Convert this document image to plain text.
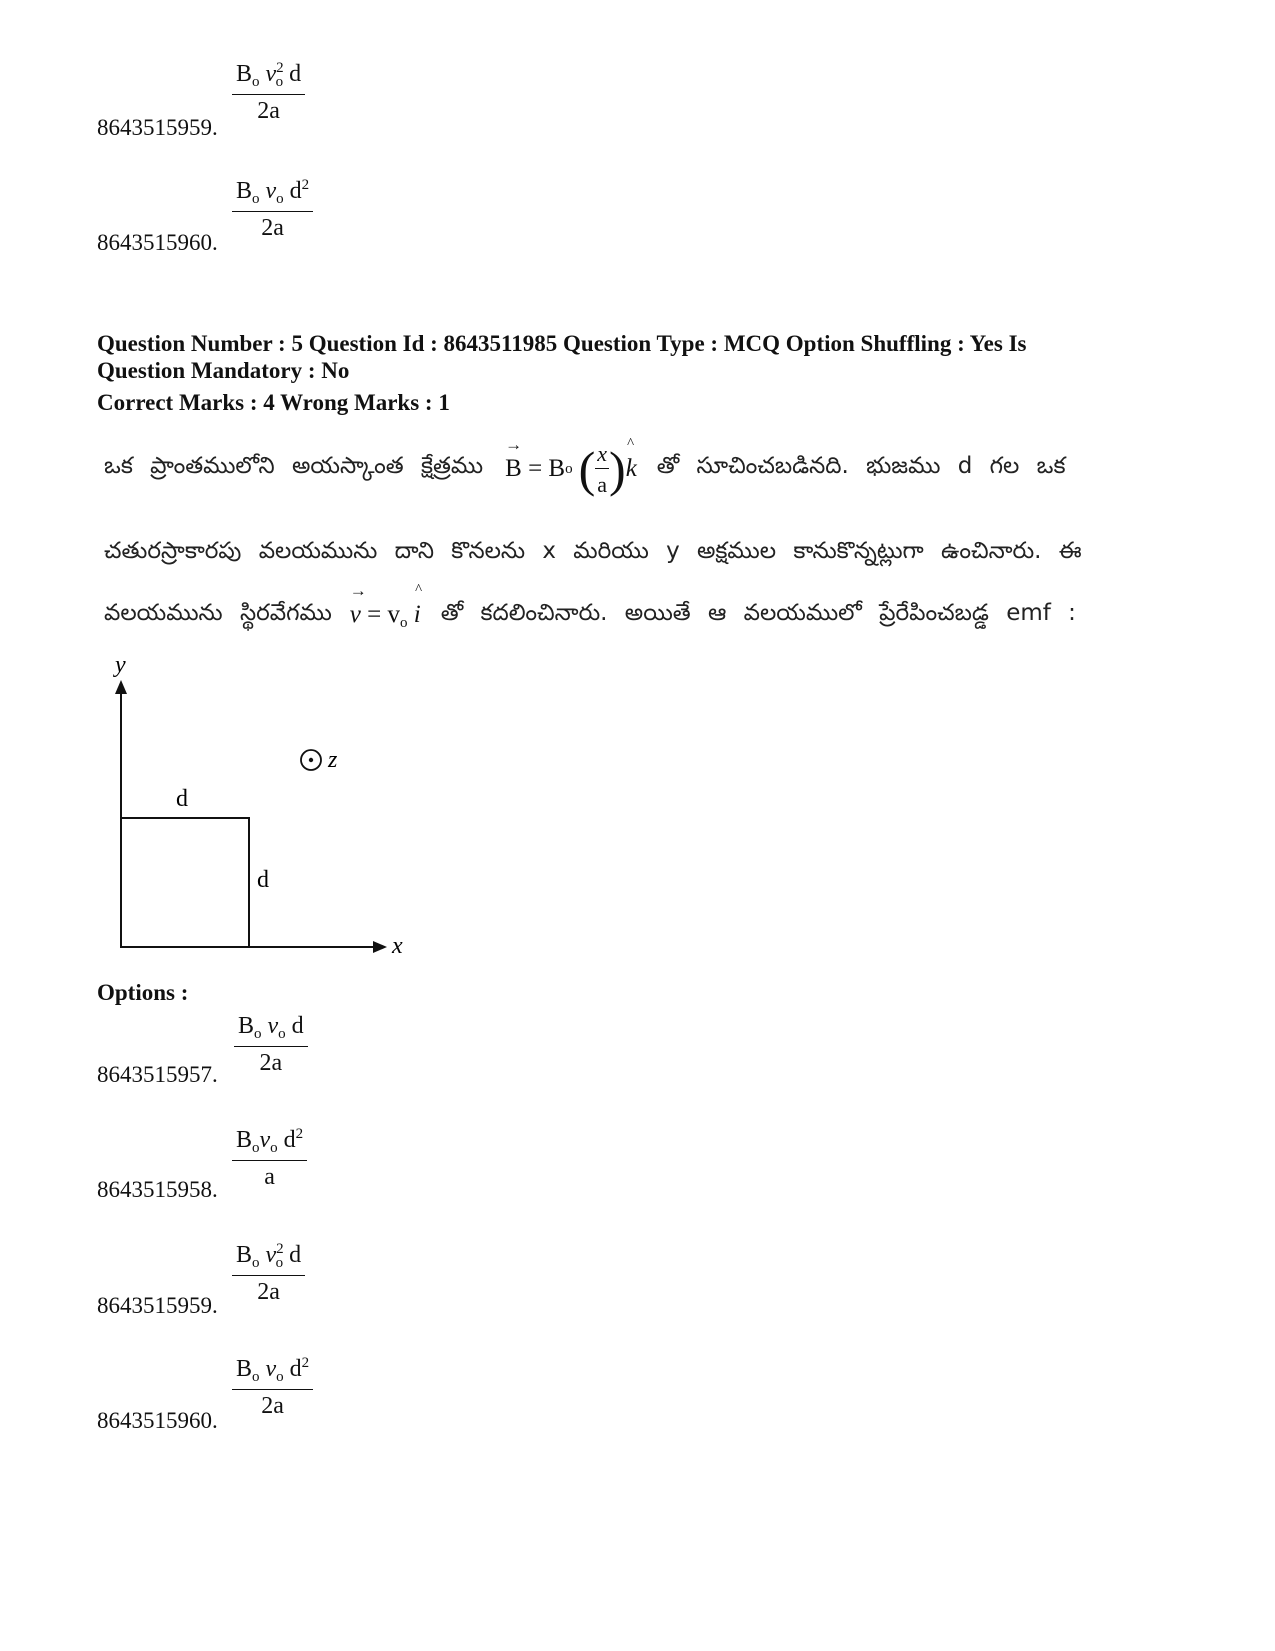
$\frac{B_o v^2_o d}{2a}$
8643515959.
$\frac{B_o v_o d^2}{2a}$
8643515960.
Question Number : 5 Question Id : 8643511985 Question Type : MCQ Option Shuffling : Yes Is
Question Mandatory : No
Correct Marks : 4 Wrong Marks : 1
ఒక ప్రాంతములోని అయస్కాంత క్షేత్రము
→
B
= B o ( $\frac{x}{a}$ ) ^
k తో సూచించబడినది. భుజము d గల ఒక
చతురస్రాకారపు వలయమును దాని కొనలను x మరియు y అక్షముల కానుకొన్నట్లుగా ఉంచినారు. ఈ
వలయమును స్థిరవేగము
→
$v = v_o$
^
i తో కదలించినారు. అయితే ఆ వలయములో ప్రేరేపించబడ్డ emf :
y
x
z
d
d
Options :
$\frac{B_o v_o d}{2a}$
8643515957.
$\frac{B_ov_o d^2}{a}$
8643515958.
$\frac{B_o v^2_o d}{2a}$
8643515959.
$\frac{B_o v_o d^2}{2a}$
8643515960.
